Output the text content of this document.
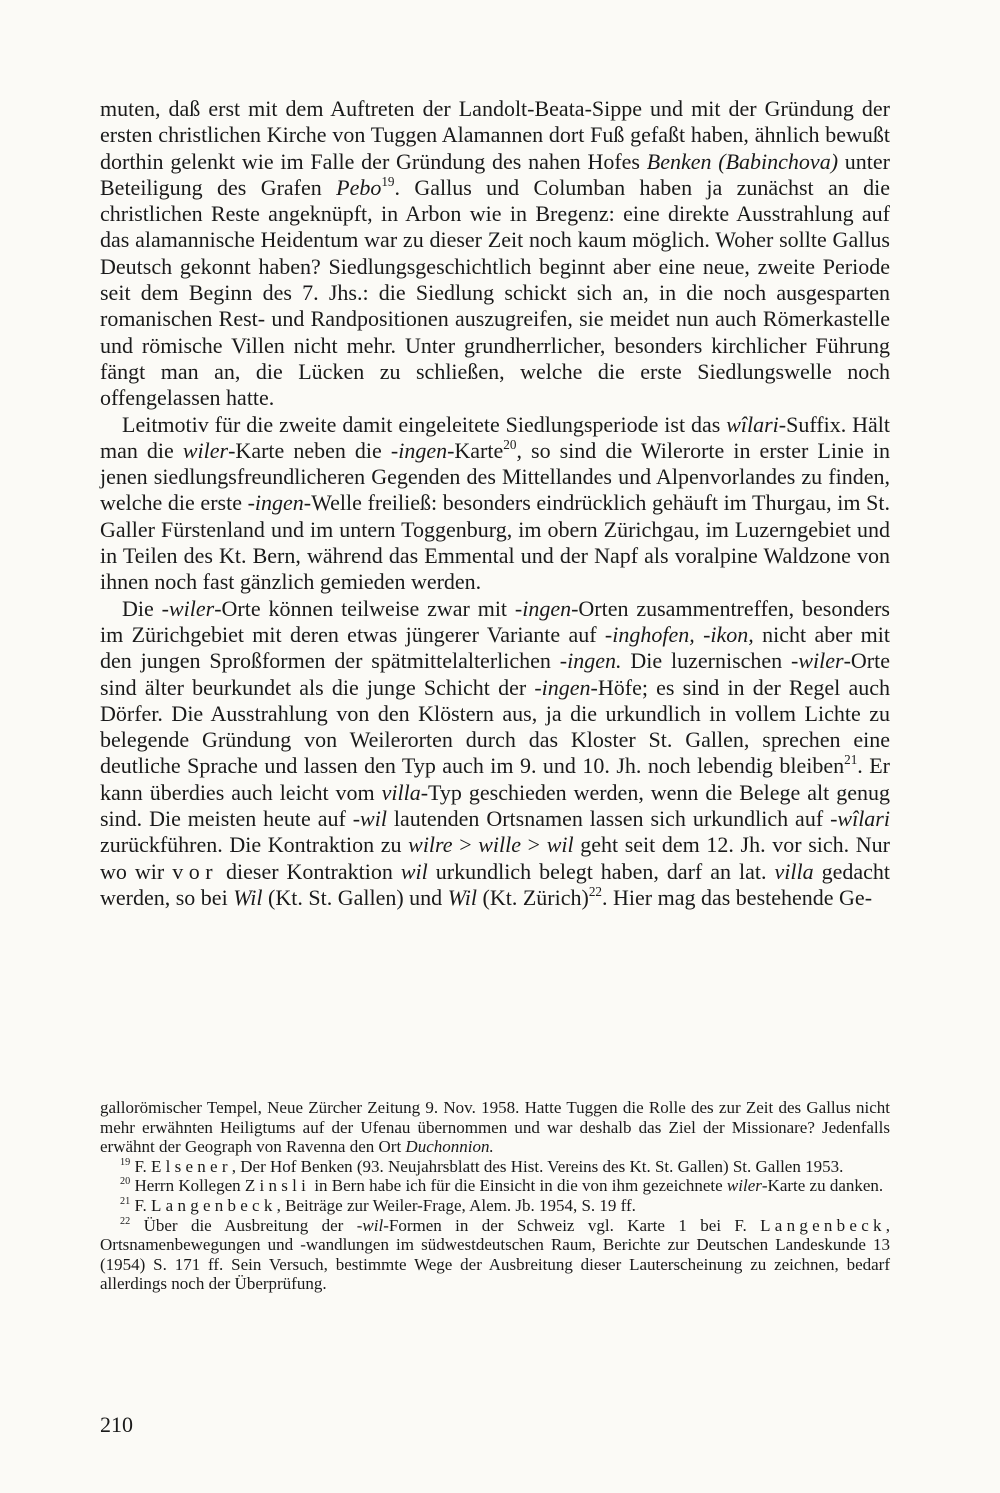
muten, daß erst mit dem Auftreten der Landolt-Beata-Sippe und mit der Gründung der ersten christlichen Kirche von Tuggen Alamannen dort Fuß gefaßt haben, ähnlich bewußt dorthin gelenkt wie im Falle der Gründung des nahen Hofes Benken (Babinchova) unter Beteiligung des Grafen Pebo$^{19}$. Gallus und Columban haben ja zunächst an die christlichen Reste angeknüpft, in Arbon wie in Bregenz: eine direkte Ausstrahlung auf das alamannische Heidentum war zu dieser Zeit noch kaum möglich. Woher sollte Gallus Deutsch gekonnt haben? Siedlungsgeschichtlich beginnt aber eine neue, zweite Periode seit dem Beginn des 7. Jhs.: die Siedlung schickt sich an, in die noch ausgesparten romanischen Rest- und Randpositionen auszugreifen, sie meidet nun auch Römerkastelle und römische Villen nicht mehr. Unter grundherrlicher, besonders kirchlicher Führung fängt man an, die Lücken zu schließen, welche die erste Siedlungswelle noch offengelassen hatte.

Leitmotiv für die zweite damit eingeleitete Siedlungsperiode ist das wîlari-Suffix. Hält man die wiler-Karte neben die -ingen-Karte$^{20}$, so sind die Wilerorte in erster Linie in jenen siedlungsfreundlicheren Gegenden des Mittellandes und Alpenvorlandes zu finden, welche die erste -ingen-Welle freiließ: besonders eindrücklich gehäuft im Thurgau, im St. Galler Fürstenland und im untern Toggenburg, im obern Zürichgau, im Luzerngebiet und in Teilen des Kt. Bern, während das Emmental und der Napf als voralpine Waldzone von ihnen noch fast gänzlich gemieden werden.

Die -wiler-Orte können teilweise zwar mit -ingen-Orten zusammentreffen, besonders im Zürichgebiet mit deren etwas jüngerer Variante auf -inghofen, -ikon, nicht aber mit den jungen Sproßformen der spätmittelalterlichen -ingen. Die luzernischen -wiler-Orte sind älter beurkundet als die junge Schicht der -ingen-Höfe; es sind in der Regel auch Dörfer. Die Ausstrahlung von den Klöstern aus, ja die urkundlich in vollem Lichte zu belegende Gründung von Weilerorten durch das Kloster St. Gallen, sprechen eine deutliche Sprache und lassen den Typ auch im 9. und 10. Jh. noch lebendig bleiben$^{21}$. Er kann überdies auch leicht vom villa-Typ geschieden werden, wenn die Belege alt genug sind. Die meisten heute auf -wil lautenden Ortsnamen lassen sich urkundlich auf -wîlari zurückführen. Die Kontraktion zu wilre > wille > wil geht seit dem 12. Jh. vor sich. Nur wo wir vor dieser Kontraktion wil urkundlich belegt haben, darf an lat. villa gedacht werden, so bei Wil (Kt. St. Gallen) und Wil (Kt. Zürich)$^{22}$. Hier mag das bestehende Ge-

gallorömischer Tempel, Neue Zürcher Zeitung 9. Nov. 1958. Hatte Tuggen die Rolle des zur Zeit des Gallus nicht mehr erwähnten Heiligtums auf der Ufenau übernommen und war deshalb das Ziel der Missionare? Jedenfalls erwähnt der Geograph von Ravenna den Ort Duchonnion.

$^{19}$ F. Elsener, Der Hof Benken (93. Neujahrsblatt des Hist. Vereins des Kt. St. Gallen) St. Gallen 1953.

$^{20}$ Herrn Kollegen Zinsli in Bern habe ich für die Einsicht in die von ihm gezeichnete wiler-Karte zu danken.

$^{21}$ F. Langenbeck, Beiträge zur Weiler-Frage, Alem. Jb. 1954, S. 19 ff.

$^{22}$ Über die Ausbreitung der -wil-Formen in der Schweiz vgl. Karte 1 bei F. Langenbeck, Ortsnamenbewegungen und -wandlungen im südwestdeutschen Raum, Berichte zur Deutschen Landeskunde 13 (1954) S. 171 ff. Sein Versuch, bestimmte Wege der Ausbreitung dieser Lauterscheinung zu zeichnen, bedarf allerdings noch der Überprüfung.

210
